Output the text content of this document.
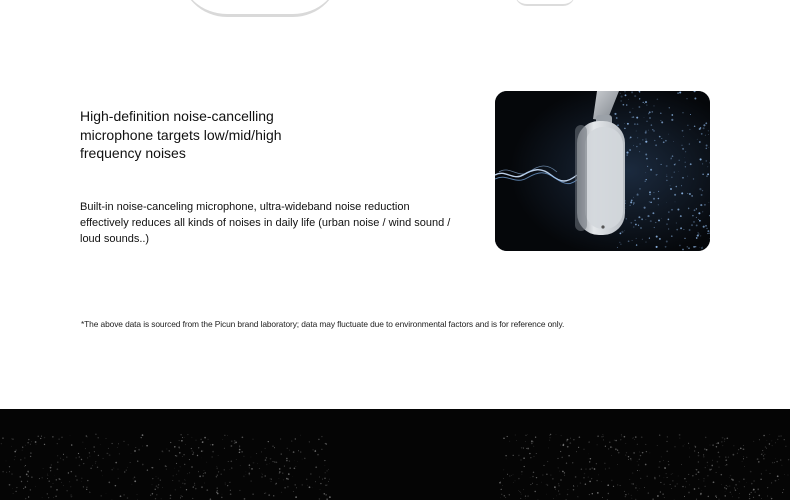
High-definition noise-cancelling
microphone targets low/mid/high
frequency noises

Built-in noise-canceling microphone, ultra-wideband noise reduction effectively reduces all kinds of noises in daily life (urban noise / wind sound / loud sounds..)

*The above data is sourced from the Picun brand laboratory; data may fluctuate due to environmental factors and is for reference only.
